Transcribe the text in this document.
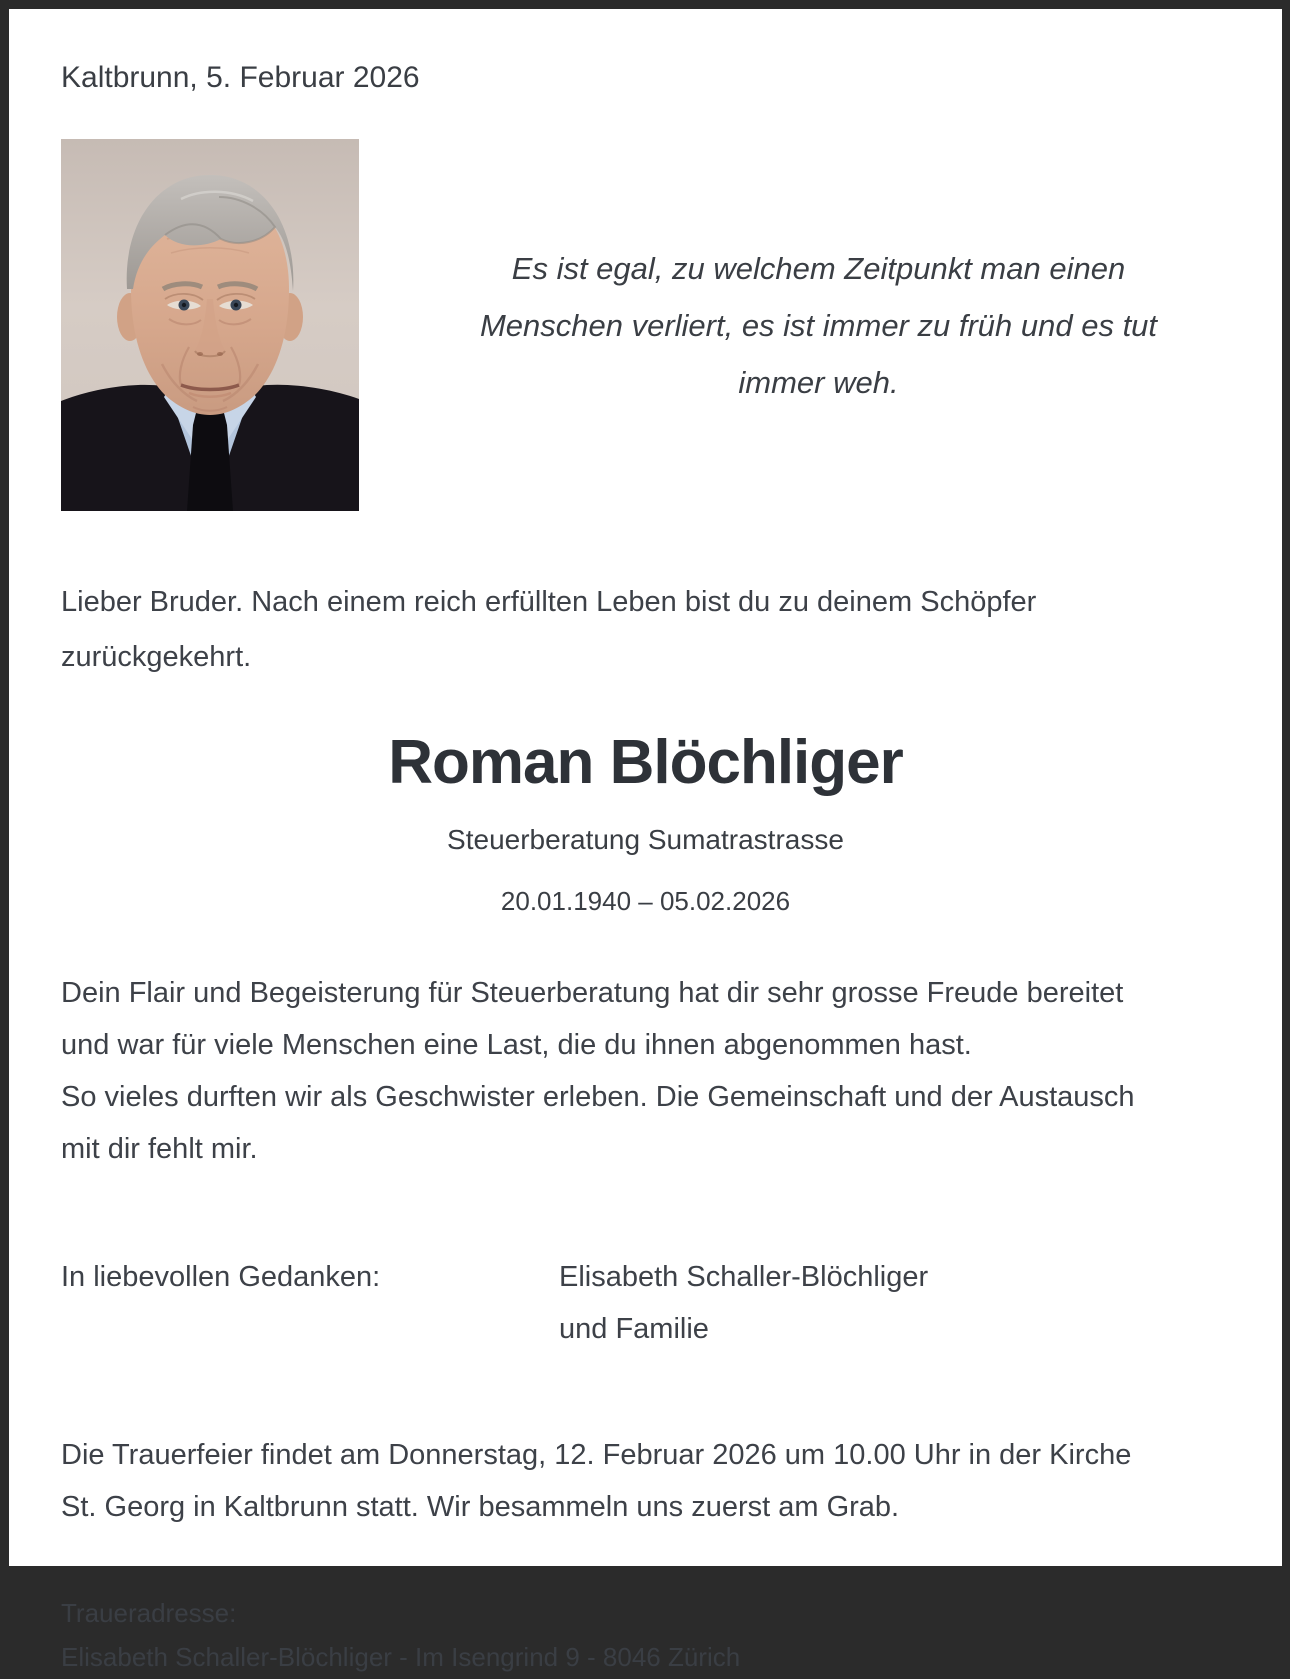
Kaltbrunn, 5. Februar 2026
Es ist egal, zu welchem Zeitpunkt man einen
Menschen verliert, es ist immer zu früh und es tut
immer weh.
Lieber Bruder. Nach einem reich erfüllten Leben bist du zu deinem Schöpfer
zurückgekehrt.
Roman Blöchliger
Steuerberatung Sumatrastrasse
20.01.1940 – 05.02.2026
Dein Flair und Begeisterung für Steuerberatung hat dir sehr grosse Freude bereitet
und war für viele Menschen eine Last, die du ihnen abgenommen hast.
So vieles durften wir als Geschwister erleben. Die Gemeinschaft und der Austausch
mit dir fehlt mir.
In liebevollen Gedanken:	Elisabeth Schaller-Blöchliger
und Familie
Die Trauerfeier findet am Donnerstag, 12. Februar 2026 um 10.00 Uhr in der Kirche
St. Georg in Kaltbrunn statt. Wir besammeln uns zuerst am Grab.
Traueradresse:
Elisabeth Schaller-Blöchliger - Im Isengrind 9 - 8046 Zürich
